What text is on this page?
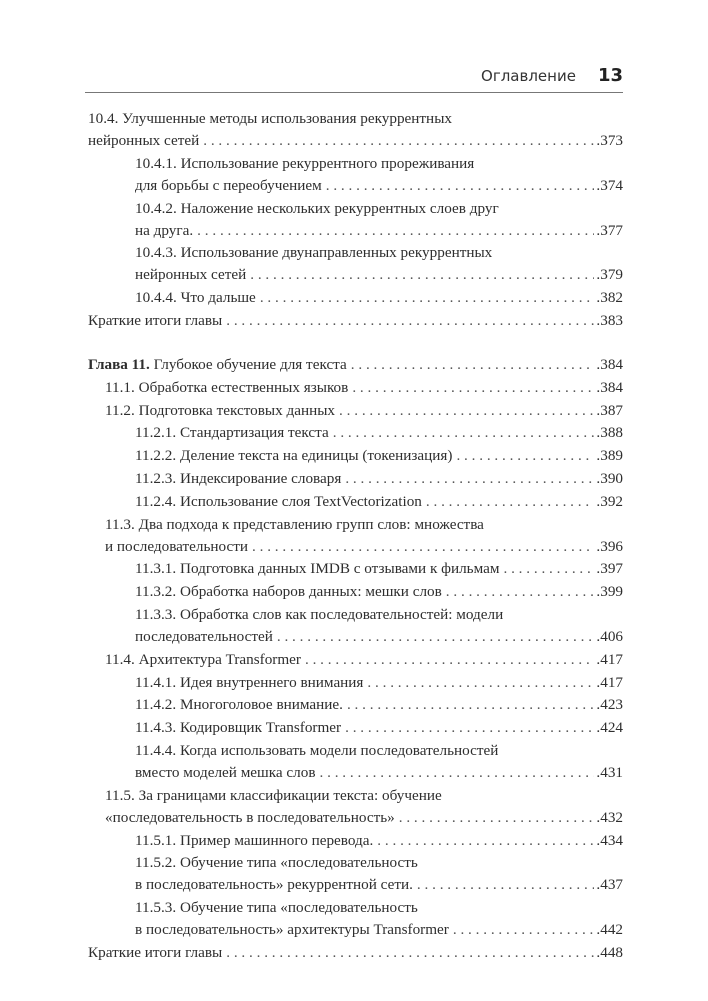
Оглавление 13
10.4. Улучшенные методы использования рекуррентных
нейронных сетей . . .	.373
10.4.1. Использование рекуррентного прореживания
для борьбы с переобучением . . .	.374
10.4.2. Наложение нескольких рекуррентных слоев друг
на друга. . . .	.377
10.4.3. Использование двунаправленных рекуррентных
нейронных сетей . . .	.379
10.4.4. Что дальше . . .	.382
Краткие итоги главы . . .	.383
Глава 11. Глубокое обучение для текста . . .	.384
11.1. Обработка естественных языков . . .	.384
11.2. Подготовка текстовых данных . . .	.387
11.2.1. Стандартизация текста . . .	.388
11.2.2. Деление текста на единицы (токенизация) . . .	.389
11.2.3. Индексирование словаря . . .	.390
11.2.4. Использование слоя TextVectorization . . .	.392
11.3. Два подхода к представлению групп слов: множества
и последовательности . . .	.396
11.3.1. Подготовка данных IMDB с отзывами к фильмам . . .	.397
11.3.2. Обработка наборов данных: мешки слов . . .	.399
11.3.3. Обработка слов как последовательностей: модели
последовательностей . . .	.406
11.4. Архитектура Transformer . . .	.417
11.4.1. Идея внутреннего внимания . . .	.417
11.4.2. Многоголовое внимание. . . .	.423
11.4.3. Кодировщик Transformer . . .	.424
11.4.4. Когда использовать модели последовательностей
вместо моделей мешка слов . . .	.431
11.5. За границами классификации текста: обучение
«последовательность в последовательность» . . .	.432
11.5.1. Пример машинного перевода. . . .	.434
11.5.2. Обучение типа «последовательность
в последовательность» рекуррентной сети. . . .	.437
11.5.3. Обучение типа «последовательность
в последовательность» архитектуры Transformer . . .	.442
Краткие итоги главы . . .	.448
